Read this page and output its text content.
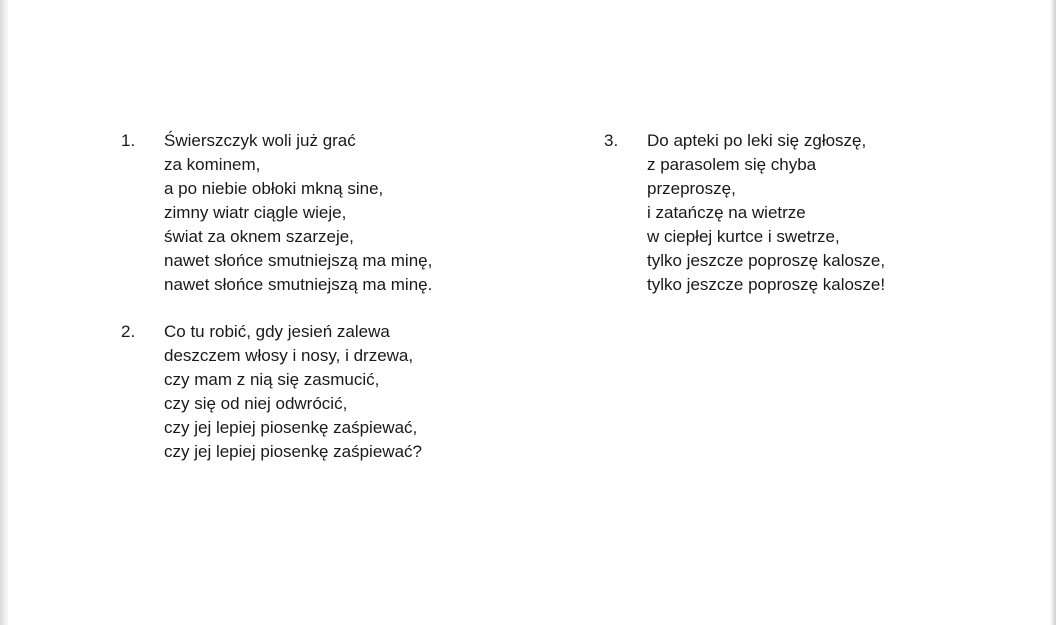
1. Świerszczyk woli już grać
za kominem,
a po niebie obłoki mkną sine,
zimny wiatr ciągle wieje,
świat za oknem szarzeje,
nawet słońce smutniejszą ma minę,
nawet słońce smutniejszą ma minę.
2. Co tu robić, gdy jesień zalewa
deszczem włosy i nosy, i drzewa,
czy mam z nią się zasmucić,
czy się od niej odwrócić,
czy jej lepiej piosenkę zaśpiewać,
czy jej lepiej piosenkę zaśpiewać?
3. Do apteki po leki się zgłoszę,
z parasolem się chyba
przeproszę,
i zatańczę na wietrze
w ciepłej kurtce i swetrze,
tylko jeszcze poproszę kalosze,
tylko jeszcze poproszę kalosze!
